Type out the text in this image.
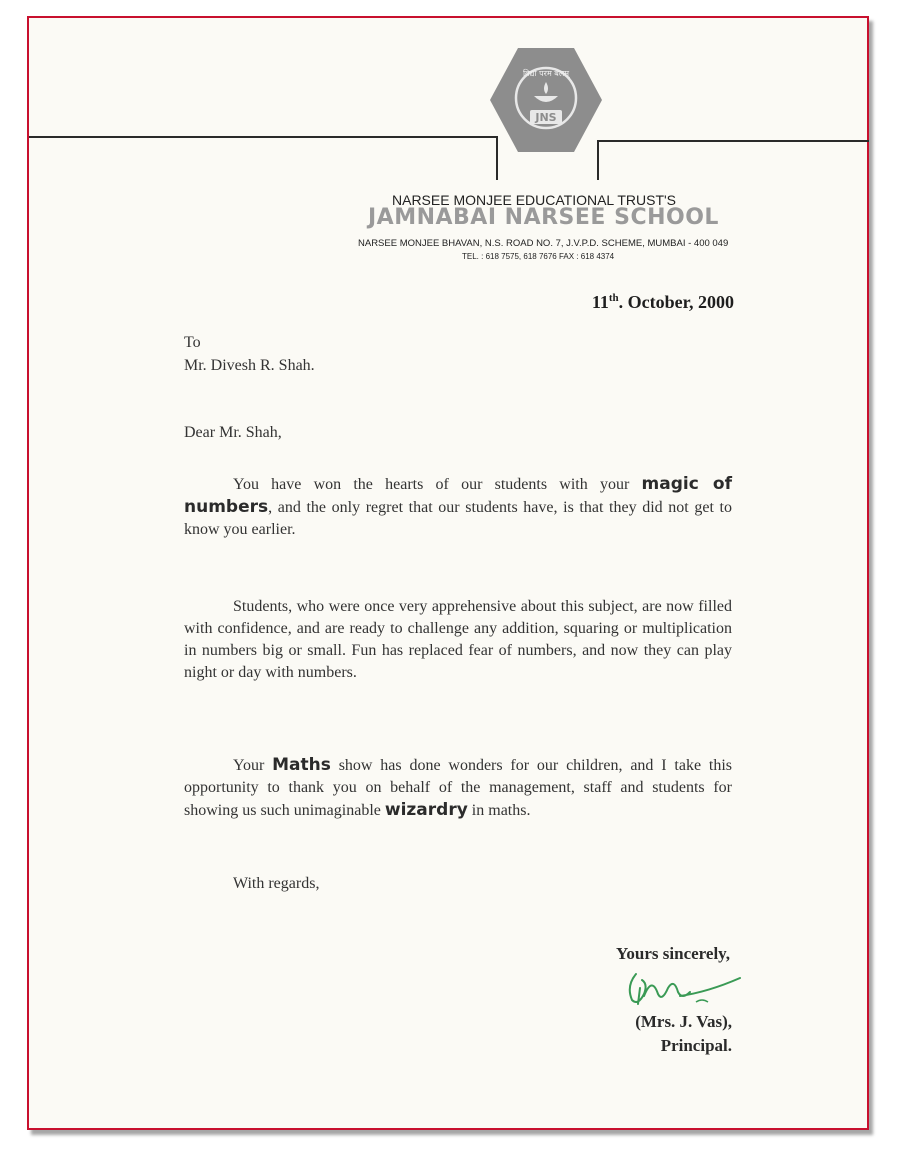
JNS
विद्या परम बलम्
NARSEE MONJEE EDUCATIONAL TRUST'S
JAMNABAI NARSEE SCHOOL
NARSEE MONJEE BHAVAN, N.S. ROAD NO. 7, J.V.P.D. SCHEME, MUMBAI - 400 049
TEL. : 618 7575, 618 7676 FAX : 618 4374
11th. October, 2000
To
Mr. Divesh R. Shah.
Dear Mr. Shah,
You have won the hearts of our students with your magic of numbers, and the only regret that our students have, is that they did not get to know you earlier.
Students, who were once very apprehensive about this subject, are now filled with confidence, and are ready to challenge any addition, squaring or multiplication in numbers big or small. Fun has replaced fear of numbers, and now they can play night or day with numbers.
Your Maths show has done wonders for our children, and I take this opportunity to thank you on behalf of the management, staff and students for showing us such unimaginable wizardry in maths.
With regards,
Yours sincerely,
(Mrs. J. Vas),
Principal.
